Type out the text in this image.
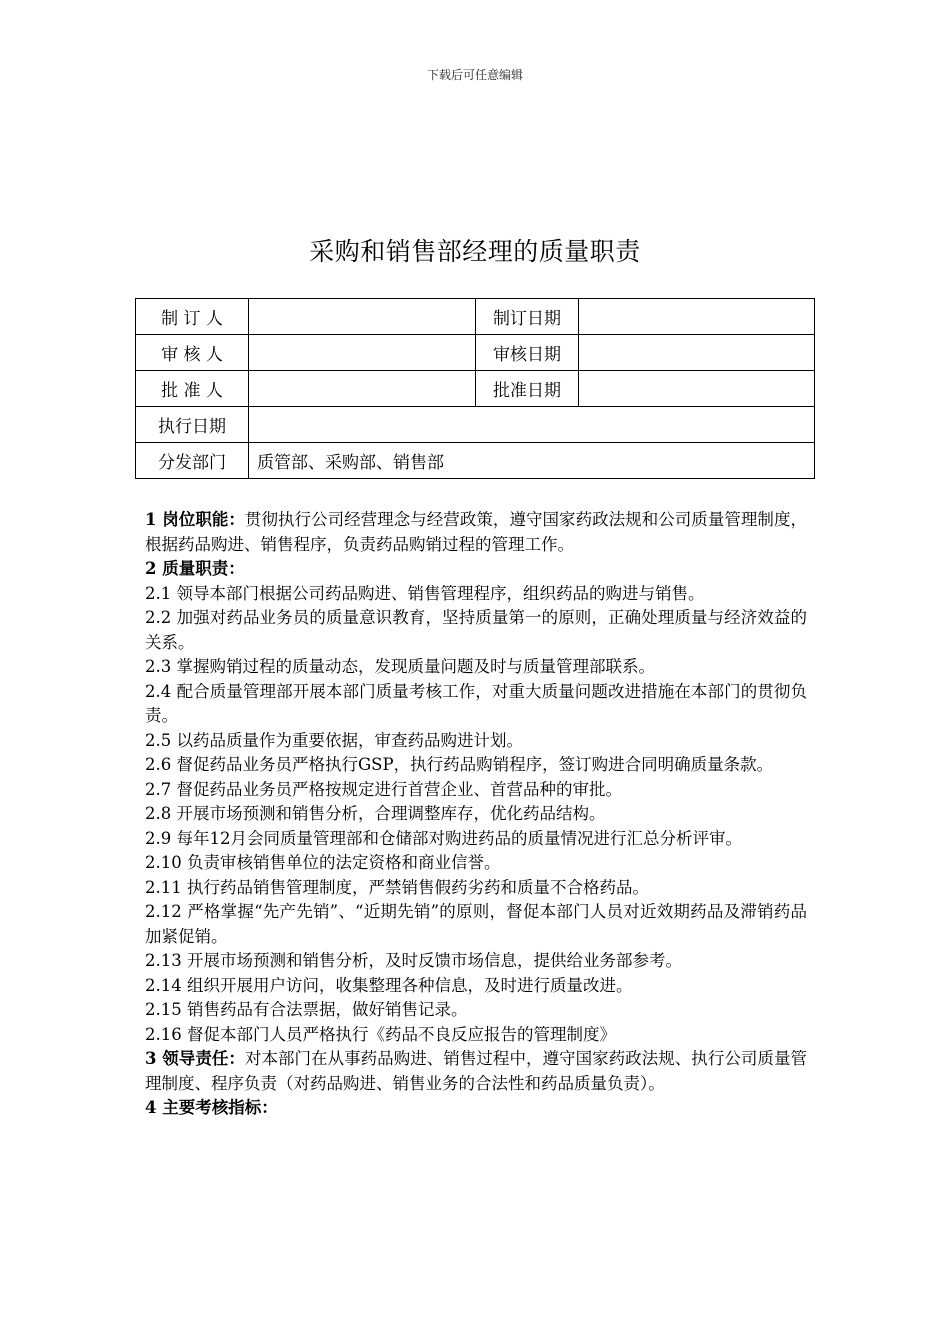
下载后可任意编辑
采购和销售部经理的质量职责
制 订 人		制订日期	
审 核 人		审核日期	
批 准 人		批准日期	
执行日期			
分发部门	质管部、采购部、销售部		

1 岗位职能：贯彻执行公司经营理念与经营政策，遵守国家药政法规和公司质量管理制度，根据药品购进、销售程序，负责药品购销过程的管理工作。

2 质量职责：

2.1 领导本部门根据公司药品购进、销售管理程序，组织药品的购进与销售。

2.2 加强对药品业务员的质量意识教育，坚持质量第一的原则，正确处理质量与经济效益的关系。

2.3 掌握购销过程的质量动态，发现质量问题及时与质量管理部联系。

2.4 配合质量管理部开展本部门质量考核工作，对重大质量问题改进措施在本部门的贯彻负责。

2.5 以药品质量作为重要依据，审查药品购进计划。

2.6 督促药品业务员严格执行GSP，执行药品购销程序，签订购进合同明确质量条款。

2.7 督促药品业务员严格按规定进行首营企业、首营品种的审批。

2.8 开展市场预测和销售分析，合理调整库存，优化药品结构。

2.9 每年12月会同质量管理部和仓储部对购进药品的质量情况进行汇总分析评审。

2.10 负责审核销售单位的法定资格和商业信誉。

2.11 执行药品销售管理制度，严禁销售假药劣药和质量不合格药品。

2.12 严格掌握“先产先销”、“近期先销”的原则，督促本部门人员对近效期药品及滞销药品加紧促销。

2.13 开展市场预测和销售分析，及时反馈市场信息，提供给业务部参考。

2.14 组织开展用户访问，收集整理各种信息，及时进行质量改进。

2.15 销售药品有合法票据，做好销售记录。

2.16 督促本部门人员严格执行《药品不良反应报告的管理制度》

3 领导责任：对本部门在从事药品购进、销售过程中，遵守国家药政法规、执行公司质量管理制度、程序负责（对药品购进、销售业务的合法性和药品质量负责）。

4 主要考核指标：
